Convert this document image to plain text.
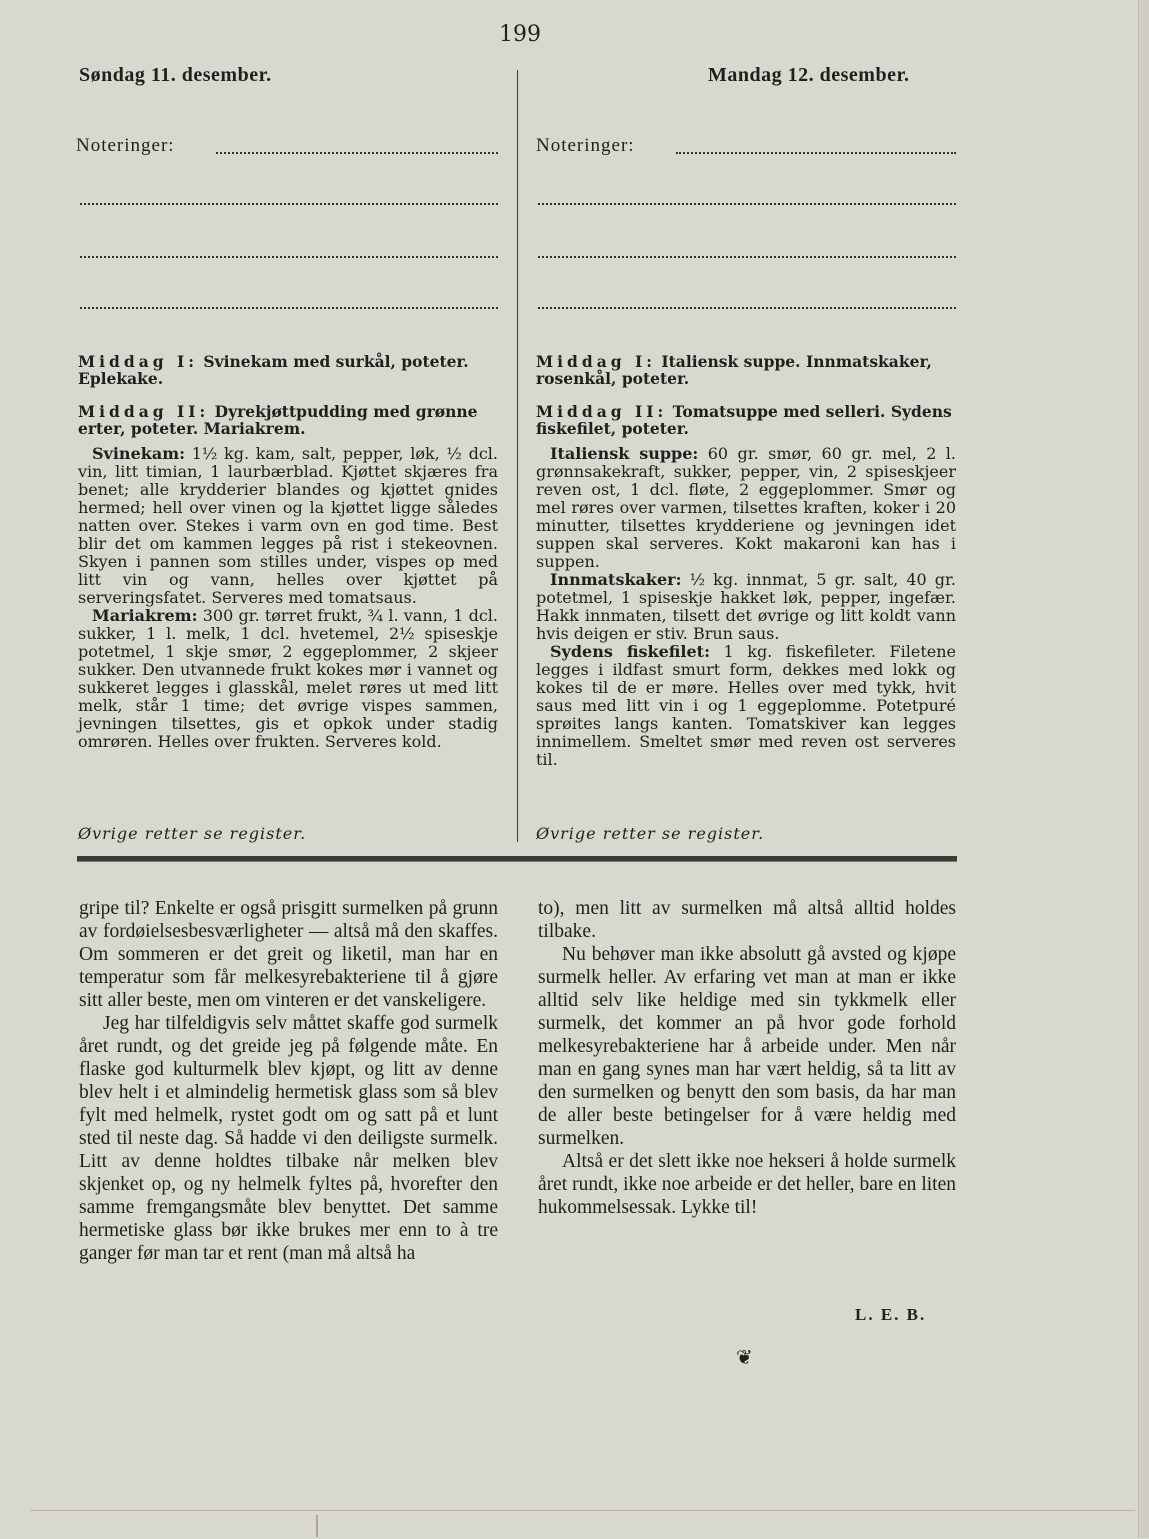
199
Søndag 11. desember.
Noteringer:
Middag I: Svinekam med surkål, poteter. Eplekake.
Middag II: Dyrekjøttpudding med grønne erter, poteter. Mariakrem.

Svinekam: 1½ kg. kam, salt, pepper, løk, ½ dcl. vin, litt timian, 1 laurbærblad. Kjøttet skjæres fra benet; alle krydderier blandes og kjøttet gnides hermed; hell over vinen og la kjøttet ligge således natten over. Stekes i varm ovn en god time. Best blir det om kammen legges på rist i stekeovnen. Skyen i pannen som stilles under, vispes op med litt vin og vann, helles over kjøttet på serveringsfatet. Serveres med tomatsaus.

Mariakrem: 300 gr. tørret frukt, ¾ l. vann, 1 dcl. sukker, 1 l. melk, 1 dcl. hvetemel, 2½ spiseskje potetmel, 1 skje smør, 2 eggeplommer, 2 skjeer sukker. Den utvannede frukt kokes mør i vannet og sukkeret legges i glasskål, melet røres ut med litt melk, står 1 time; det øvrige vispes sammen, jevningen tilsettes, gis et opkok under stadig omrøren. Helles over frukten. Serveres kold.

Øvrige retter se register.
Mandag 12. desember.
Noteringer:
Middag I: Italiensk suppe. Innmatskaker, rosenkål, poteter.
Middag II: Tomatsuppe med selleri. Sydens fiskefilet, poteter.

Italiensk suppe: 60 gr. smør, 60 gr. mel, 2 l. grønnsakekraft, sukker, pepper, vin, 2 spiseskjeer reven ost, 1 dcl. fløte, 2 eggeplommer. Smør og mel røres over varmen, tilsettes kraften, koker i 20 minutter, tilsettes krydderiene og jevningen idet suppen skal serveres. Kokt makaroni kan has i suppen.

Innmatskaker: ½ kg. innmat, 5 gr. salt, 40 gr. potetmel, 1 spiseskje hakket løk, pepper, ingefær. Hakk innmaten, tilsett det øvrige og litt koldt vann hvis deigen er stiv. Brun saus.

Sydens fiskefilet: 1 kg. fiskefileter. Filetene legges i ildfast smurt form, dekkes med lokk og kokes til de er møre. Helles over med tykk, hvit saus med litt vin i og 1 eggeplomme. Potetpuré sprøites langs kanten. Tomatskiver kan legges innimellem. Smeltet smør med reven ost serveres til.

Øvrige retter se register.

gripe til? Enkelte er også prisgitt surmelken på grunn av fordøielsesbesværligheter — altså må den skaffes. Om sommeren er det greit og liketil, man har en temperatur som får melkesyrebakteriene til å gjøre sitt aller beste, men om vinteren er det vanskeligere.

Jeg har tilfeldigvis selv måttet skaffe god surmelk året rundt, og det greide jeg på følgende måte. En flaske god kulturmelk blev kjøpt, og litt av denne blev helt i et almindelig hermetisk glass som så blev fylt med helmelk, rystet godt om og satt på et lunt sted til neste dag. Så hadde vi den deiligste surmelk. Litt av denne holdtes tilbake når melken blev skjenket op, og ny helmelk fyltes på, hvorefter den samme fremgangsmåte blev benyttet. Det samme hermetiske glass bør ikke brukes mer enn to à tre ganger før man tar et rent (man må altså ha

to), men litt av surmelken må altså alltid holdes tilbake.

Nu behøver man ikke absolutt gå avsted og kjøpe surmelk heller. Av erfaring vet man at man er ikke alltid selv like heldige med sin tykkmelk eller surmelk, det kommer an på hvor gode forhold melkesyrebakteriene har å arbeide under. Men når man en gang synes man har vært heldig, så ta litt av den surmelken og benytt den som basis, da har man de aller beste betingelser for å være heldig med surmelken.

Altså er det slett ikke noe hekseri å holde surmelk året rundt, ikke noe arbeide er det heller, bare en liten hukommelsessak. Lykke til!

L. E. B.
❦
